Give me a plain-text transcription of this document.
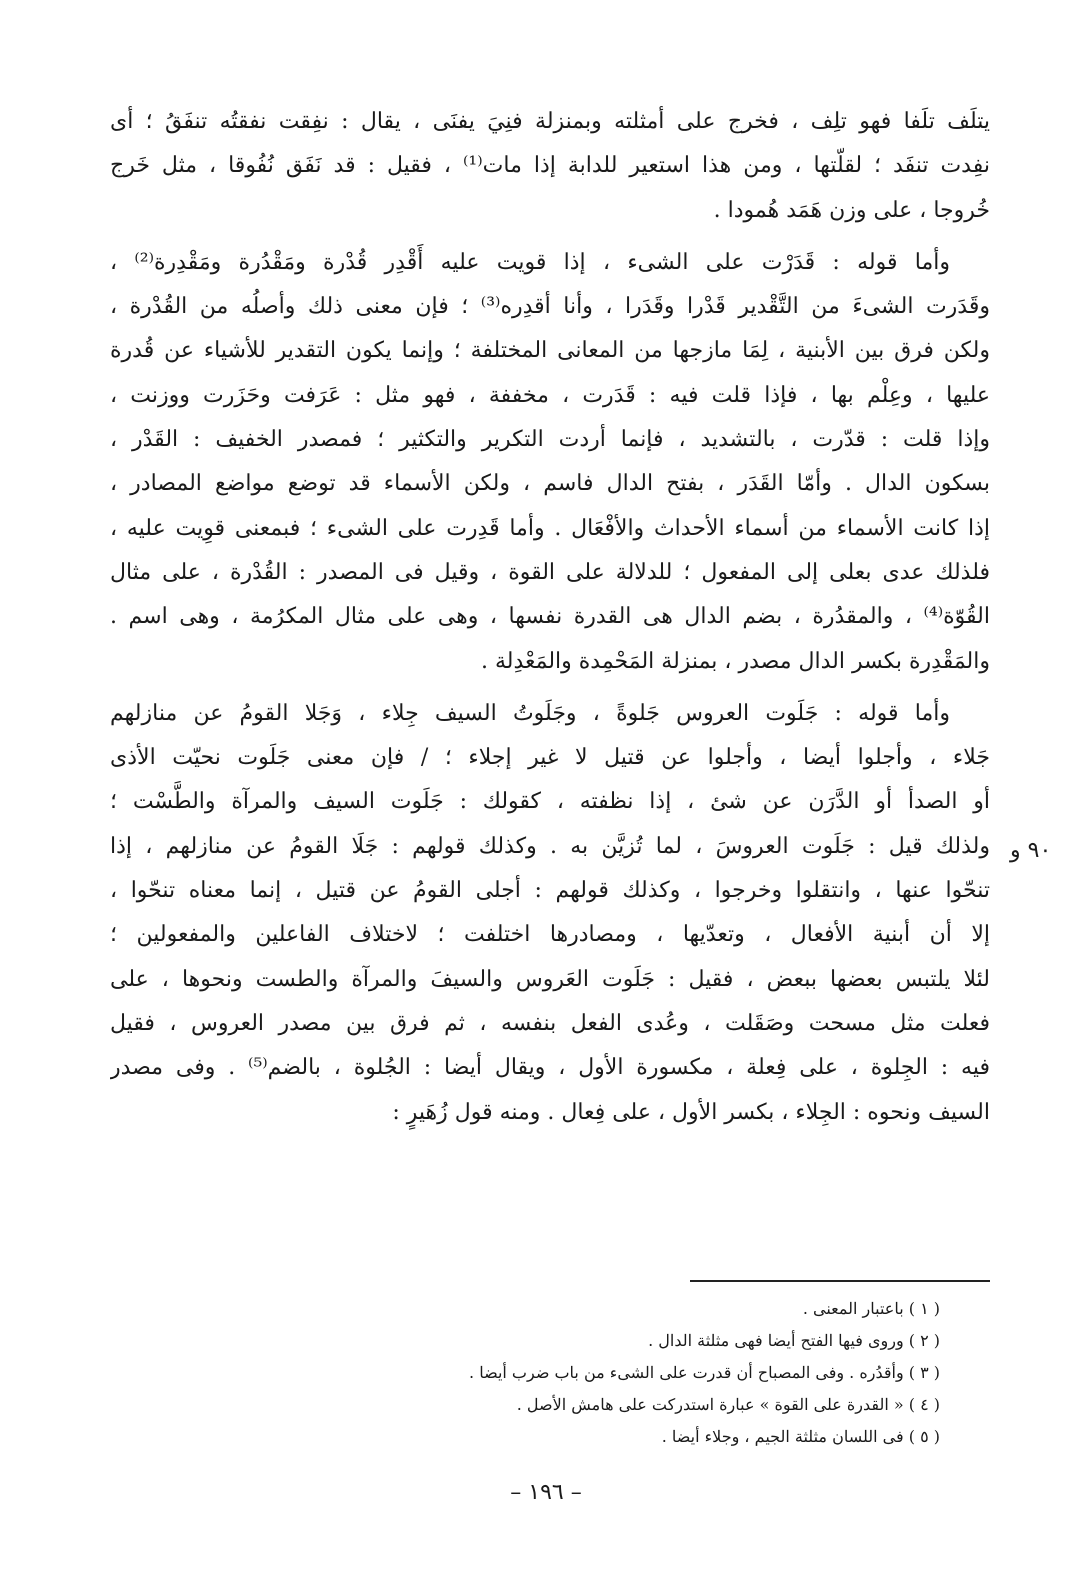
يتلَف تلَفا فهو تلِف ، فخرج على أمثلته وبمنزلة فنِيَ يفنَى ، يقال : نفِقت نفقتُه تنفَقُ ؛ أى
نفِدت تنفَد ؛ لقلّتها ، ومن هذا استعير للدابة إذا مات⁽¹⁾ ، فقيل : قد نَفَق نُفُوقا ، مثل خَرج
خُروجا ، على وزن هَمَد هُمودا .
وأما قوله : قَدَرْت على الشىء ، إذا قويت عليه أَقْدِر قُدْرة ومَقْدُرة ومَقْدِرة⁽²⁾ ،
وقَدَرت الشىءَ من التَّقْدير قَدْرا وقَدَرا ، وأنا أقدِره⁽³⁾ ؛ فإن معنى ذلك وأصلُه من القُدْرة ،
ولكن فرق بين الأبنية ، لِمَا مازجها من المعانى المختلفة ؛ وإنما يكون التقدير للأشياء عن قُدرة
عليها ، وعِلْم بها ، فإذا قلت فيه : قَدَرت ، مخففة ، فهو مثل : عَرَفت وحَزَرت ووزنت ،
وإذا قلت : قدّرت ، بالتشديد ، فإنما أردت التكرير والتكثير ؛ فمصدر الخفيف : القَدْر ،
بسكون الدال . وأمّا القَدَر ، بفتح الدال فاسم ، ولكن الأسماء قد توضع مواضع المصادر ،
إذا كانت الأسماء من أسماء الأحداث والأفْعَال . وأما قَدِرت على الشىء ؛ فبمعنى قوِيت عليه ،
فلذلك عدى بعلى إلى المفعول ؛ للدلالة على القوة ، وقيل فى المصدر : القُدْرة ، على مثال
القُوّة⁽⁴⁾ ، والمقدُرة ، بضم الدال هى القدرة نفسها ، وهى على مثال المكرُمة ، وهى اسم .
والمَقْدِرة بكسر الدال مصدر ، بمنزلة المَحْمِدة والمَعْدِلة .
وأما قوله : جَلَوت العروس جَلوةً ، وجَلَوتُ السيف جِلاء ، وَجَلا القومُ عن منازلهم
جَلاء ، وأجلوا أيضا ، وأجلوا عن قتيل لا غير إجلاء ؛ / فإن معنى جَلَوت نحيّت الأذى
أو الصدأ أو الدَّرَن عن شئ ، إذا نظفته ، كقولك : جَلَوت السيف والمرآة والطَّسْت ؛
ولذلك قيل : جَلَوت العروسَ ، لما تُزيَّن به . وكذلك قولهم : جَلَا القومُ عن منازلهم ، إذا
تنحّوا عنها ، وانتقلوا وخرجوا ، وكذلك قولهم : أجلى القومُ عن قتيل ، إنما معناه تنحّوا ،
إلا أن أبنية الأفعال ، وتعدّيها ، ومصادرها اختلفت ؛ لاختلاف الفاعلين والمفعولين ؛
لئلا يلتبس بعضها ببعض ، فقيل : جَلَوت العَروس والسيفَ والمرآة والطست ونحوها ، على
فعلت مثل مسحت وصَقَلت ، وعُدى الفعل بنفسه ، ثم فرق بين مصدر العروس ، فقيل
فيه : الجِلوة ، على فِعلة ، مكسورة الأول ، ويقال أيضا : الجُلوة ، بالضم⁽⁵⁾ . وفى مصدر
السيف ونحوه : الجِلاء ، بكسر الأول ، على فِعال . ومنه قول زُهَيرٍ :
٩٠ و
( ١ ) باعتبار المعنى .
( ٢ ) وروى فيها الفتح أيضا فهى مثلثة الدال .
( ٣ ) وأقدُره . وفى المصباح أن قدرت على الشىء من باب ضرب أيضا .
( ٤ ) « القدرة على القوة » عبارة استدركت على هامش الأصل .
( ٥ ) فى اللسان مثلثة الجيم ، وجلاء أيضا .
– ١٩٦ –
